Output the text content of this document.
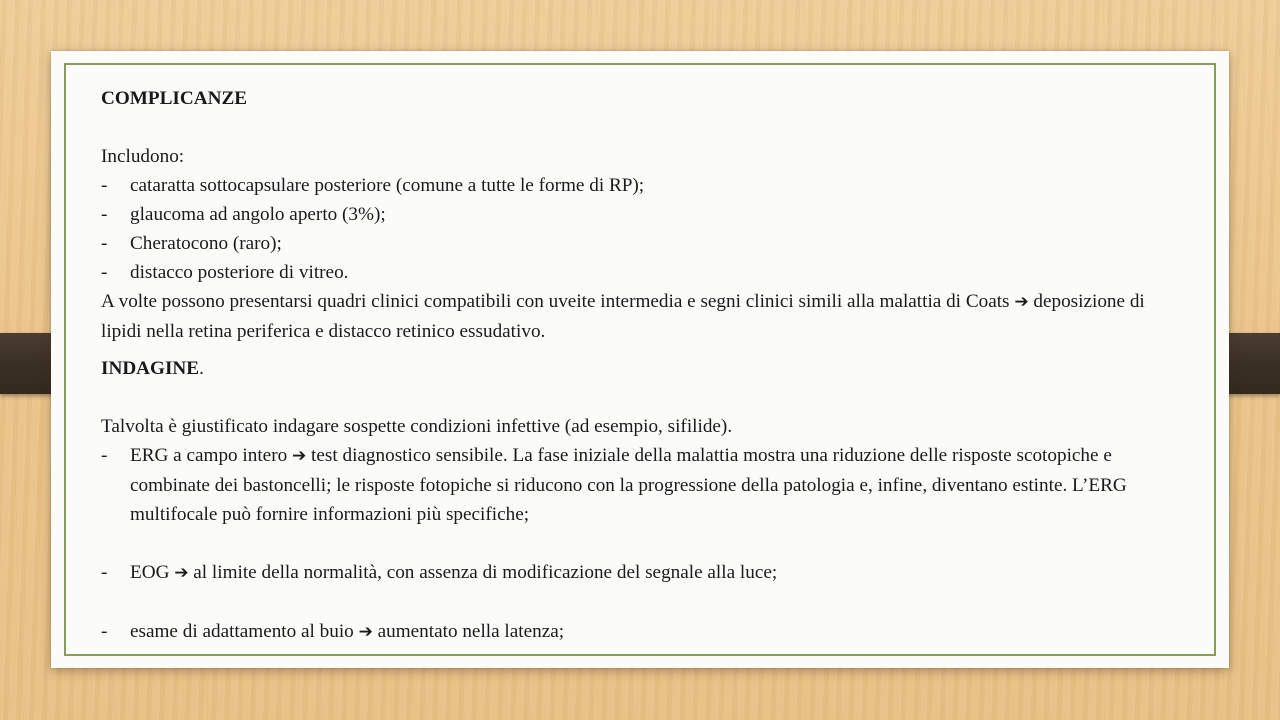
COMPLICANZE
Includono:
-	cataratta sottocapsulare posteriore (comune a tutte le forme di RP);
-	glaucoma ad angolo aperto (3%);
-	Cheratocono (raro);
-	distacco posteriore di vitreo.
A volte possono presentarsi quadri clinici compatibili con uveite intermedia e segni clinici simili alla malattia di Coats ➔ deposizione di lipidi nella retina periferica e distacco retinico essudativo.
INDAGINE.
Talvolta è giustificato indagare sospette condizioni infettive (ad esempio, sifilide).
-	ERG a campo intero ➔ test diagnostico sensibile. La fase iniziale della malattia mostra una riduzione delle risposte scotopiche e combinate dei bastoncelli; le risposte fotopiche si riducono con la progressione della patologia e, infine, diventano estinte. L’ERG multifocale può fornire informazioni più specifiche;
-	EOG ➔ al limite della normalità, con assenza di modificazione del segnale alla luce;
-	esame di adattamento al buio ➔ aumentato nella latenza;
